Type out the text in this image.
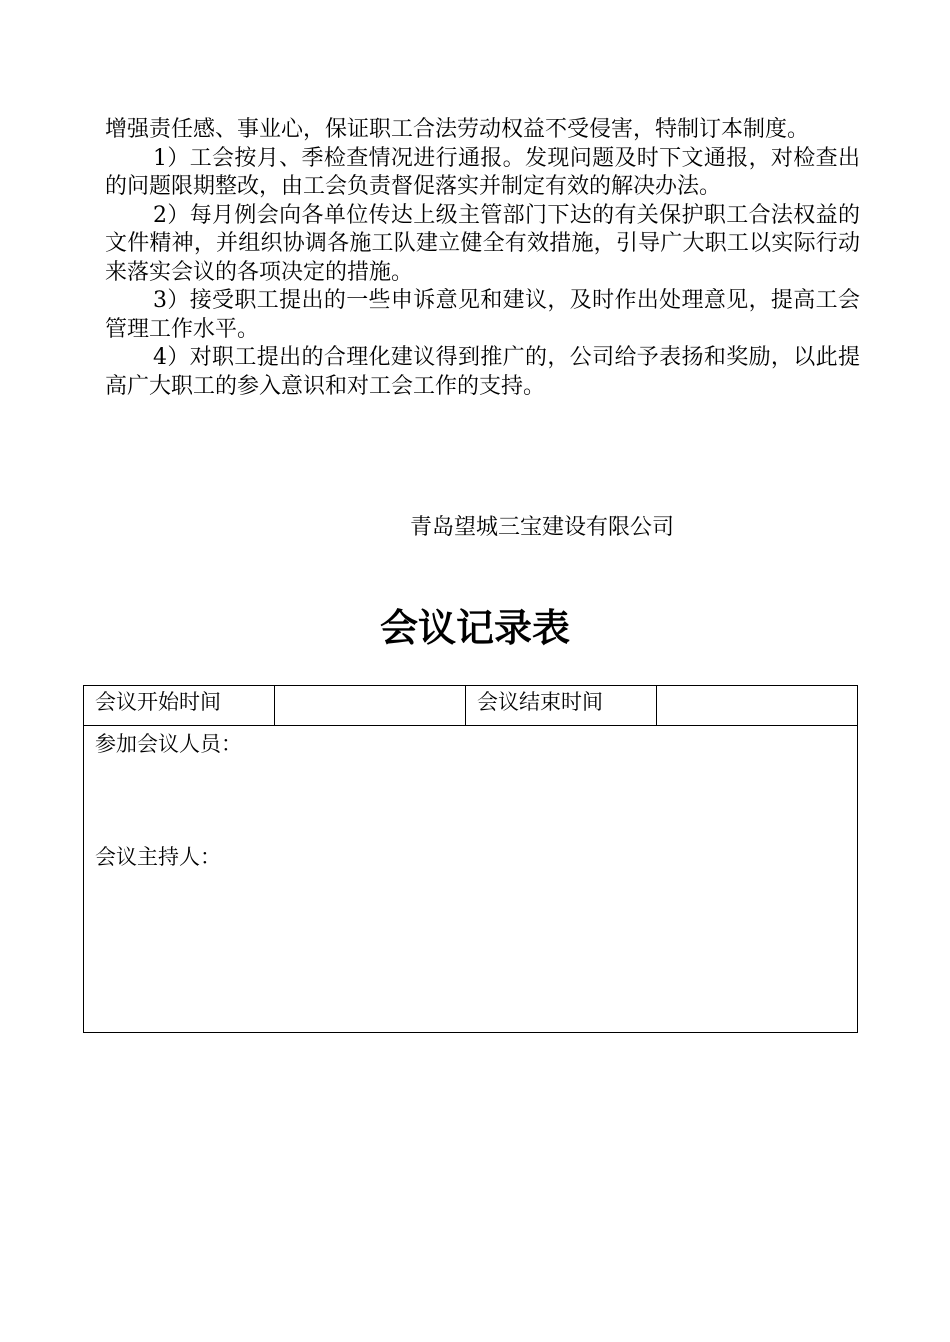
增强责任感、事业心，保证职工合法劳动权益不受侵害，特制订本制度。

1）工会按月、季检查情况进行通报。发现问题及时下文通报，对检查出的问题限期整改，由工会负责督促落实并制定有效的解决办法。

2）每月例会向各单位传达上级主管部门下达的有关保护职工合法权益的文件精神，并组织协调各施工队建立健全有效措施，引导广大职工以实际行动来落实会议的各项决定的措施。

3）接受职工提出的一些申诉意见和建议，及时作出处理意见，提高工会管理工作水平。

4）对职工提出的合理化建议得到推广的，公司给予表扬和奖励，以此提高广大职工的参入意识和对工会工作的支持。

青岛望城三宝建设有限公司
会议记录表
会议开始时间		会议结束时间	

参加会议人员：
会议主持人：
